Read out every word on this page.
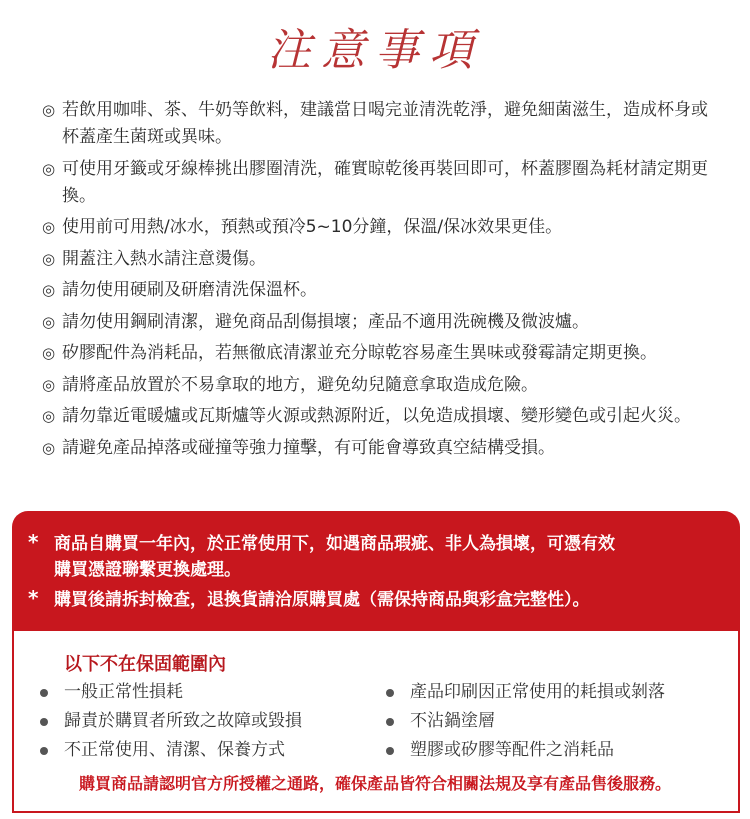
注意事項
◎ 若飲用咖啡、茶、牛奶等飲料，建議當日喝完並清洗乾淨，避免細菌滋生，造成杯身或杯蓋產生菌斑或異味。
◎ 可使用牙籤或牙線棒挑出膠圈清洗，確實晾乾後再裝回即可，杯蓋膠圈為耗材請定期更換。
◎ 使用前可用熱/冰水，預熱或預冷5~10分鐘，保溫/保冰效果更佳。
◎ 開蓋注入熱水請注意燙傷。
◎ 請勿使用硬刷及研磨清洗保溫杯。
◎ 請勿使用鋼刷清潔，避免商品刮傷損壞；產品不適用洗碗機及微波爐。
◎ 矽膠配件為消耗品，若無徹底清潔並充分晾乾容易產生異味或發霉請定期更換。
◎ 請將產品放置於不易拿取的地方，避免幼兒隨意拿取造成危險。
◎ 請勿靠近電暖爐或瓦斯爐等火源或熱源附近，以免造成損壞、變形變色或引起火災。
◎ 請避免產品掉落或碰撞等強力撞擊，有可能會導致真空結構受損。
* 商品自購買一年內，於正常使用下，如遇商品瑕疵、非人為損壞，可憑有效
購買憑證聯繫更換處理。
* 購買後請拆封檢查，退換貨請洽原購買處（需保持商品與彩盒完整性）。
以下不在保固範圍內
一般正常性損耗
歸責於購買者所致之故障或毀損
不正常使用、清潔、保養方式
產品印刷因正常使用的耗損或剝落
不沾鍋塗層
塑膠或矽膠等配件之消耗品
購買商品請認明官方所授權之通路，確保產品皆符合相關法規及享有產品售後服務。
